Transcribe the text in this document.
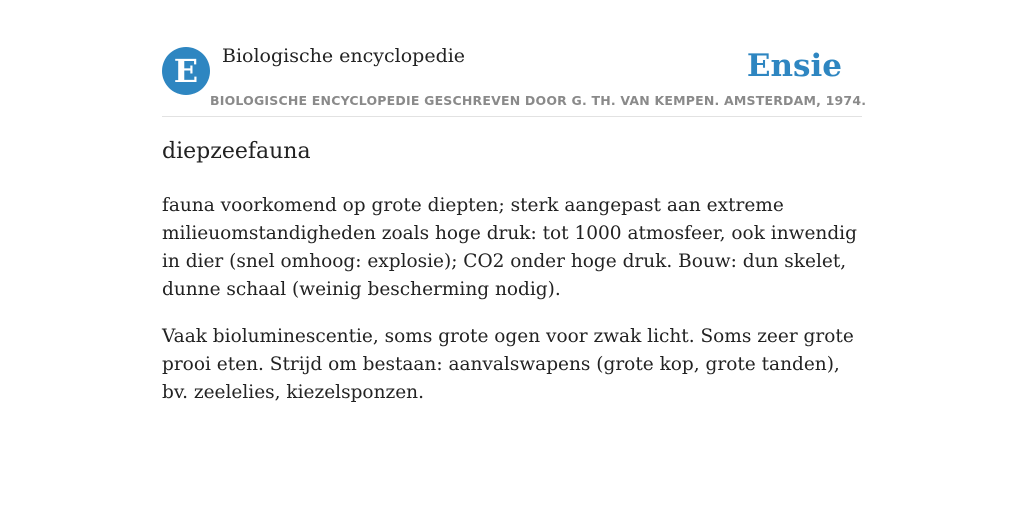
E	Biologische encyclopedie
BIOLOGISCHE ENCYCLOPEDIE GESCHREVEN DOOR G. TH. VAN KEMPEN. AMSTERDAM, 1974.
Ensie
diepzeefauna

fauna voorkomend op grote diepten; sterk aangepast aan extreme milieuomstandigheden zoals hoge druk: tot 1000 atmosfeer, ook inwendig in dier (snel omhoog: explosie); CO2 onder hoge druk. Bouw: dun skelet, dunne schaal (weinig bescherming nodig).

Vaak bioluminescentie, soms grote ogen voor zwak licht. Soms zeer grote prooi eten. Strijd om bestaan: aanvalswapens (grote kop, grote tanden), bv. zeelelies, kiezelsponzen.
